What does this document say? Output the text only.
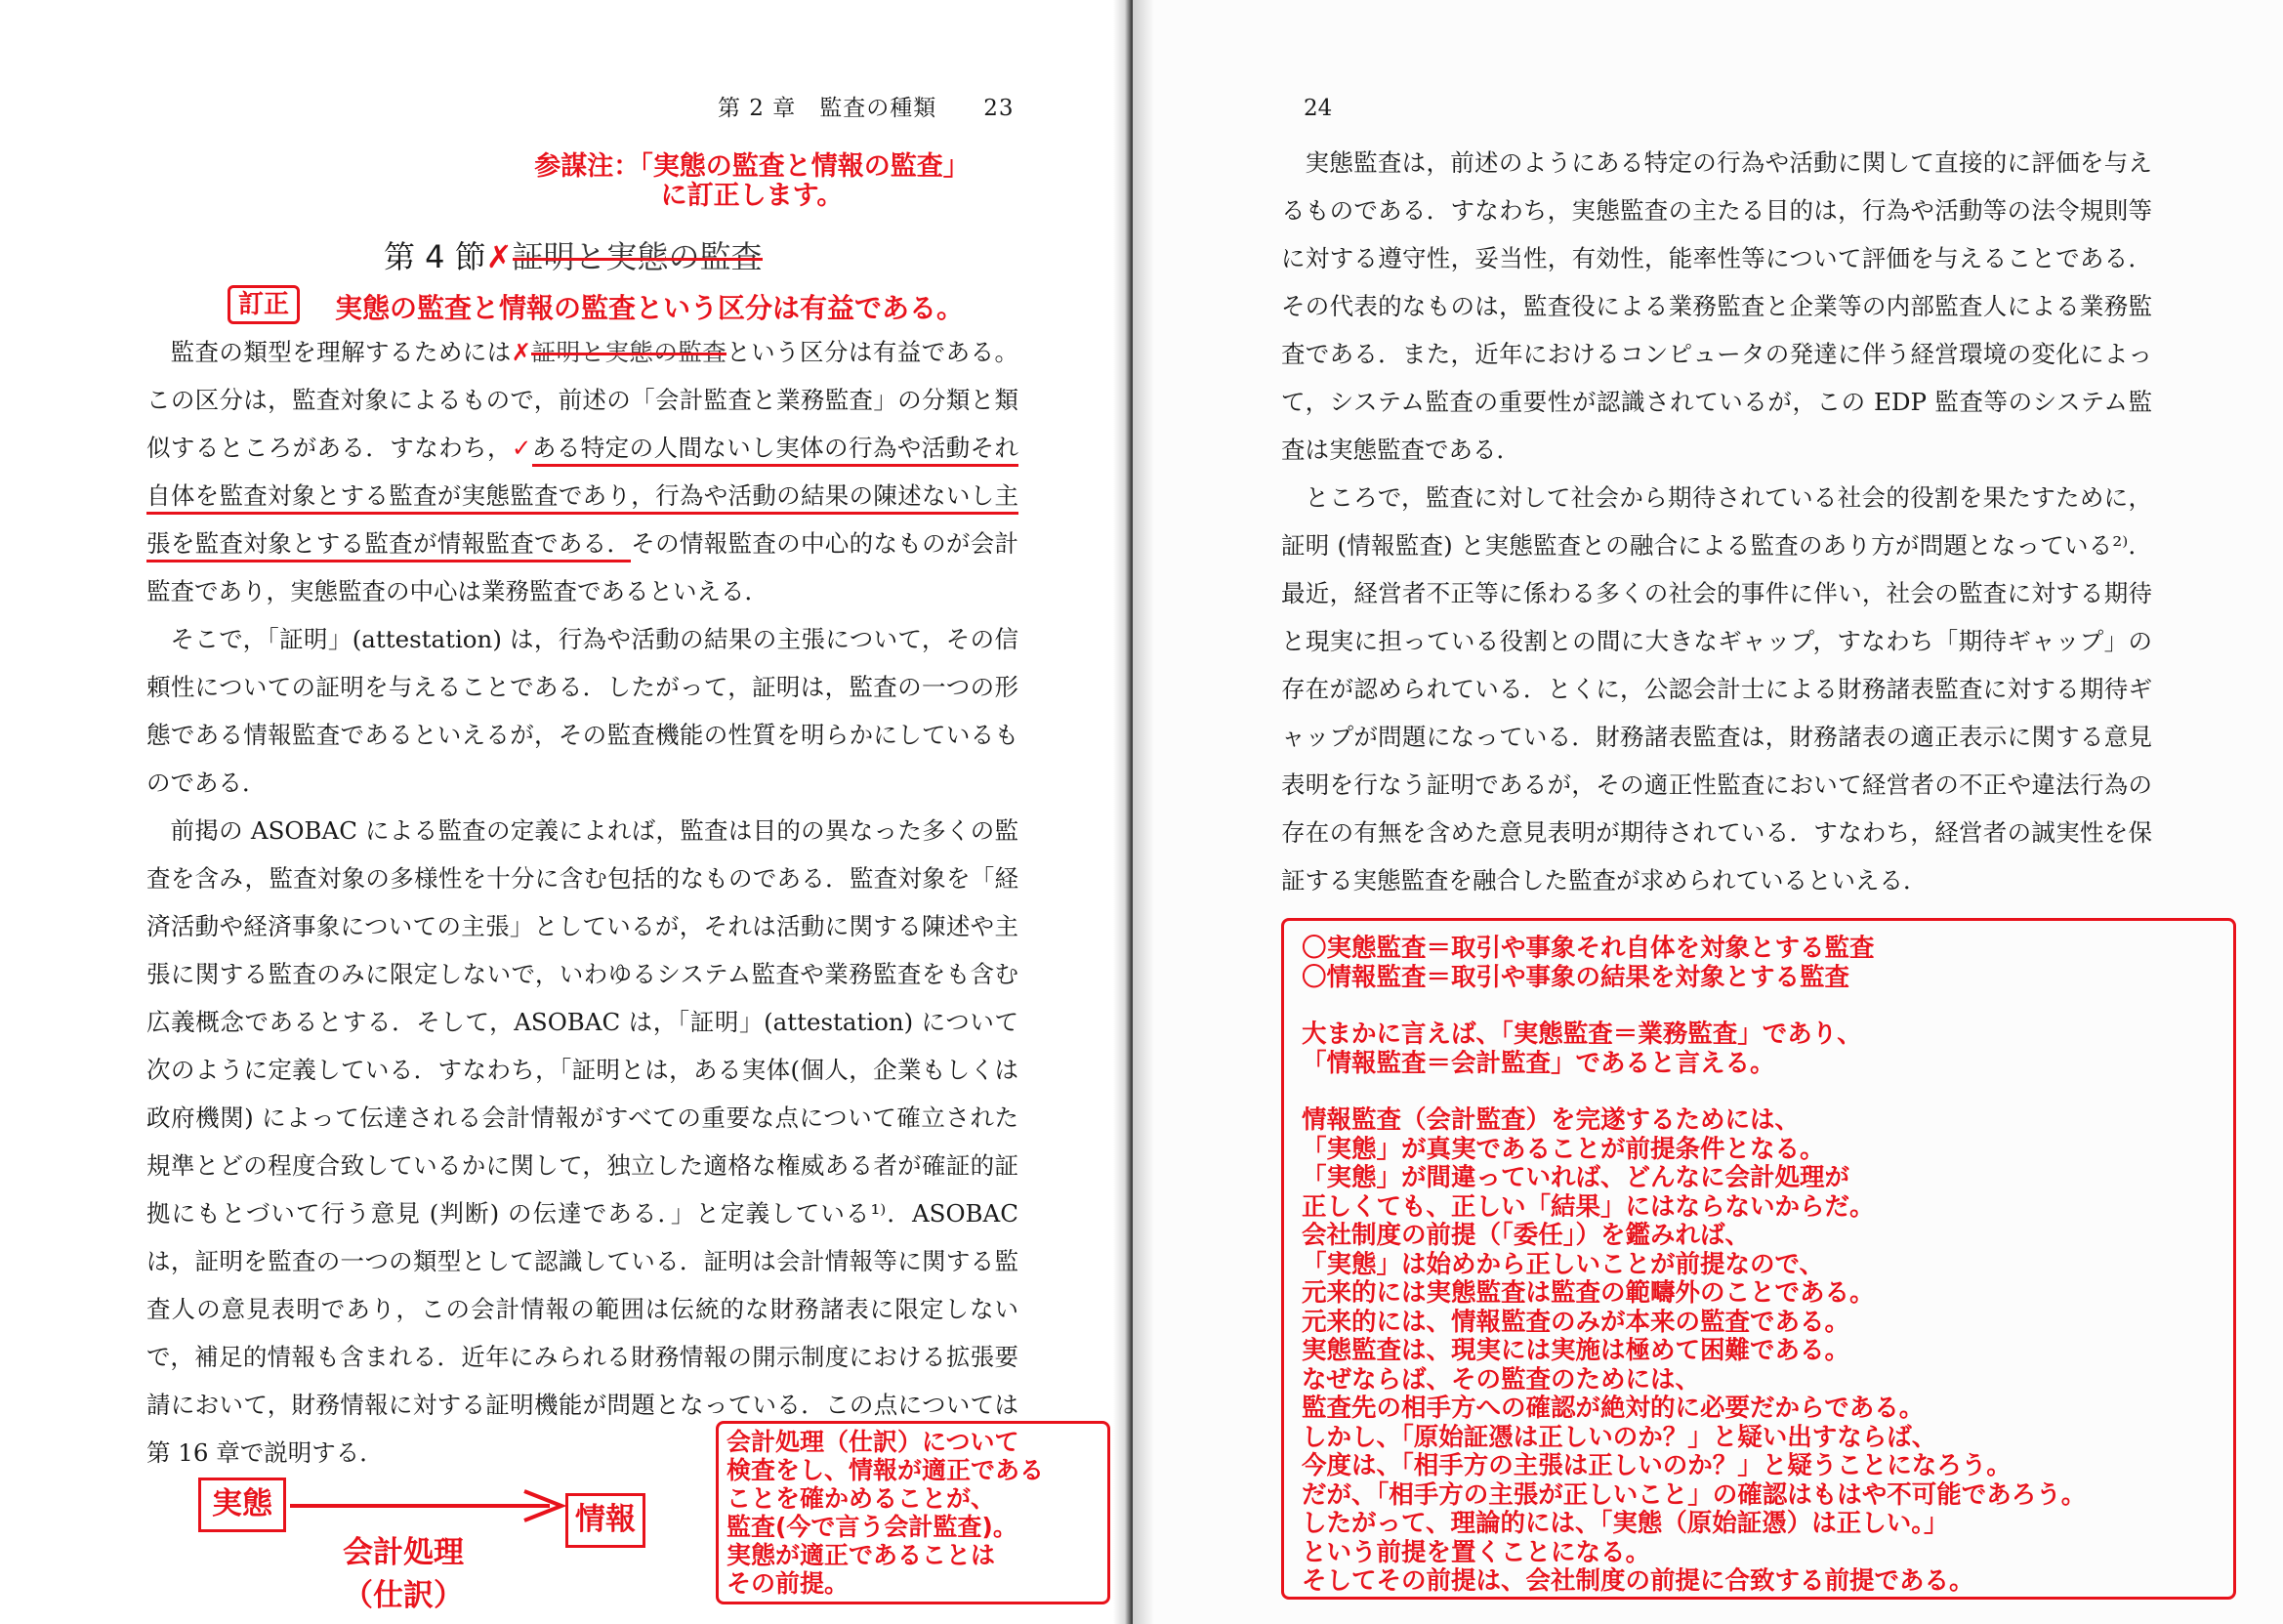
第 2 章　監査の種類　　23
参謀注：「実態の監査と情報の監査」
に訂正します。
第 4 節✗証明と実態の監査
訂正	実態の監査と情報の監査という区分は有益である。

監査の類型を理解するためには✗証明と実態の監査という区分は有益である。この区分は，監査対象によるもので，前述の「会計監査と業務監査」の分類と類似するところがある．すなわち，✓ある特定の人間ないし実体の行為や活動それ自体を監査対象とする監査が実態監査であり，行為や活動の結果の陳述ないし主張を監査対象とする監査が情報監査である．その情報監査の中心的なものが会計監査であり，実態監査の中心は業務監査であるといえる．

そこで，「証明」(attestation) は，行為や活動の結果の主張について，その信頼性についての証明を与えることである．したがって，証明は，監査の一つの形態である情報監査であるといえるが，その監査機能の性質を明らかにしているものである．

前掲の ASOBAC による監査の定義によれば，監査は目的の異なった多くの監査を含み，監査対象の多様性を十分に含む包括的なものである．監査対象を「経済活動や経済事象についての主張」としているが，それは活動に関する陳述や主張に関する監査のみに限定しないで，いわゆるシステム監査や業務監査をも含む広義概念であるとする．そして，ASOBAC は，「証明」(attestation) について次のように定義している．すなわち，「証明とは，ある実体(個人，企業もしくは政府機関) によって伝達される会計情報がすべての重要な点について確立された規準とどの程度合致しているかに関して，独立した適格な権威ある者が確証的証拠にもとづいて行う意見 (判断) の伝達である．」と定義している¹⁾．ASOBAC は，証明を監査の一つの類型として認識している．証明は会計情報等に関する監査人の意見表明であり，この会計情報の範囲は伝統的な財務諸表に限定しないで，補足的情報も含まれる．近年にみられる財務情報の開示制度における拡張要請において，財務情報に対する証明機能が問題となっている．この点については第 16 章で説明する．

実態	情報
会計処理
（仕訳）
会計処理（仕訳）について
検査をし、情報が適正である
ことを確かめることが、
監査(今で言う会計監査)。
実態が適正であることは
その前提。
24

実態監査は，前述のようにある特定の行為や活動に関して直接的に評価を与えるものである．すなわち，実態監査の主たる目的は，行為や活動等の法令規則等に対する遵守性，妥当性，有効性，能率性等について評価を与えることである．その代表的なものは，監査役による業務監査と企業等の内部監査人による業務監査である．また，近年におけるコンピュータの発達に伴う経営環境の変化によって，システム監査の重要性が認識されているが，この EDP 監査等のシステム監査は実態監査である．

ところで，監査に対して社会から期待されている社会的役割を果たすために，証明 (情報監査) と実態監査との融合による監査のあり方が問題となっている²⁾．最近，経営者不正等に係わる多くの社会的事件に伴い，社会の監査に対する期待と現実に担っている役割との間に大きなギャップ，すなわち「期待ギャップ」の存在が認められている．とくに，公認会計士による財務諸表監査に対する期待ギャップが問題になっている．財務諸表監査は，財務諸表の適正表示に関する意見表明を行なう証明であるが，その適正性監査において経営者の不正や違法行為の存在の有無を含めた意見表明が期待されている．すなわち，経営者の誠実性を保証する実態監査を融合した監査が求められているといえる．

〇実態監査＝取引や事象それ自体を対象とする監査
〇情報監査＝取引や事象の結果を対象とする監査
大まかに言えば、「実態監査＝業務監査」であり、
「情報監査＝会計監査」であると言える。
情報監査（会計監査）を完遂するためには、
「実態」が真実であることが前提条件となる。
「実態」が間違っていれば、どんなに会計処理が
正しくても、正しい「結果」にはならないからだ。
会社制度の前提（「委任」）を鑑みれば、
「実態」は始めから正しいことが前提なので、
元来的には実態監査は監査の範疇外のことである。
元来的には、情報監査のみが本来の監査である。
実態監査は、現実には実施は極めて困難である。
なぜならば、その監査のためには、
監査先の相手方への確認が絶対的に必要だからである。
しかし、「原始証憑は正しいのか？」と疑い出すならば、
今度は、「相手方の主張は正しいのか？」と疑うことになろう。
だが、「相手方の主張が正しいこと」の確認はもはや不可能であろう。
したがって、理論的には、「実態（原始証憑）は正しい。」
という前提を置くことになる。
そしてその前提は、会社制度の前提に合致する前提である。
